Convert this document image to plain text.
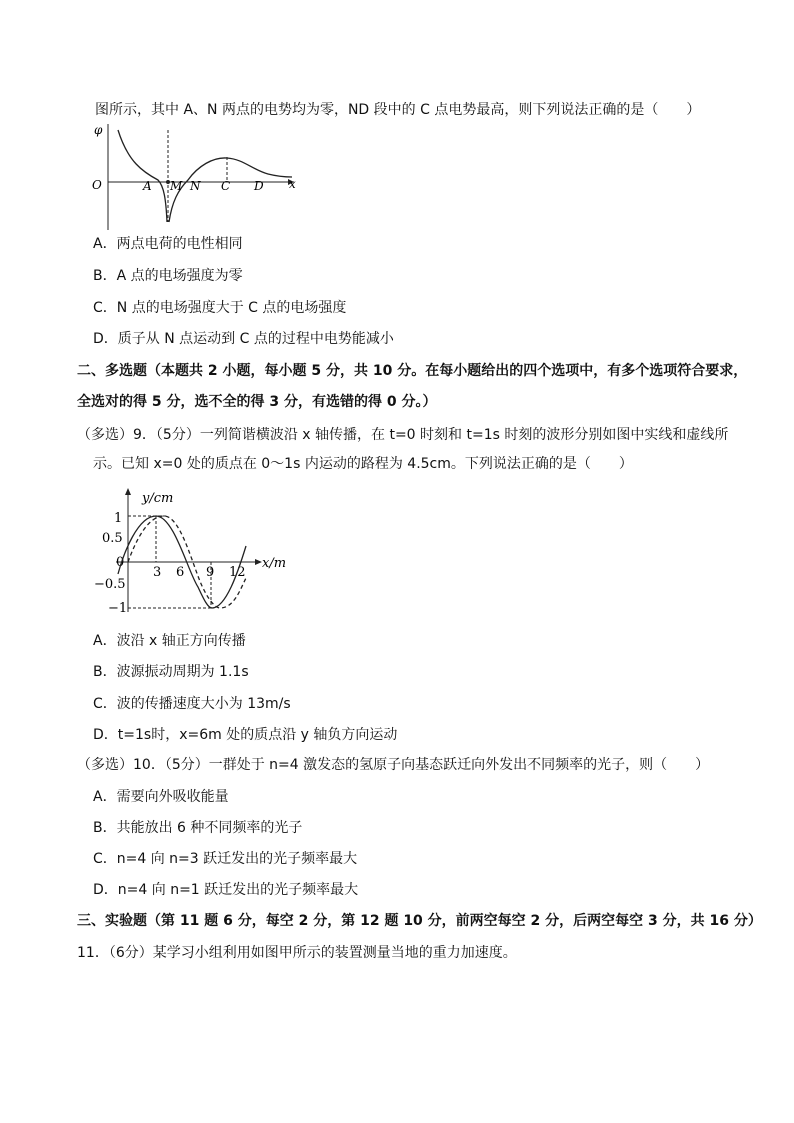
图所示，其中 A、N 两点的电势均为零，ND 段中的 C 点电势最高，则下列说法正确的是（　　）
φ
x
O	A M N C D
A．两点电荷的电性相同
B．A 点的电场强度为零
C．N 点的电场强度大于 C 点的电场强度
D．质子从 N 点运动到 C 点的过程中电势能减小
二、多选题（本题共 2 小题，每小题 5 分，共 10 分。在每小题给出的四个选项中，有多个选项符合要求，
全选对的得 5 分，选不全的得 3 分，有选错的得 0 分。）
（多选）9．（5分）一列简谐横波沿 x 轴传播，在 t=0 时刻和 t=1s 时刻的波形分别如图中实线和虚线所
示。已知 x=0 处的质点在 0～1s 内运动的路程为 4.5cm。下列说法正确的是（　　）
y/cm
x/m
1
0.5
0
−0.5
−1
3 6 9 12
A．波沿 x 轴正方向传播
B．波源振动周期为 1.1s
C．波的传播速度大小为 13m/s
D．t=1s时，x=6m 处的质点沿 y 轴负方向运动
（多选）10．（5分）一群处于 n=4 激发态的氢原子向基态跃迁向外发出不同频率的光子，则（　　）
A．需要向外吸收能量
B．共能放出 6 种不同频率的光子
C．n=4 向 n=3 跃迁发出的光子频率最大
D．n=4 向 n=1 跃迁发出的光子频率最大
三、实验题（第 11 题 6 分，每空 2 分，第 12 题 10 分，前两空每空 2 分，后两空每空 3 分，共 16 分）
11．（6分）某学习小组利用如图甲所示的装置测量当地的重力加速度。
